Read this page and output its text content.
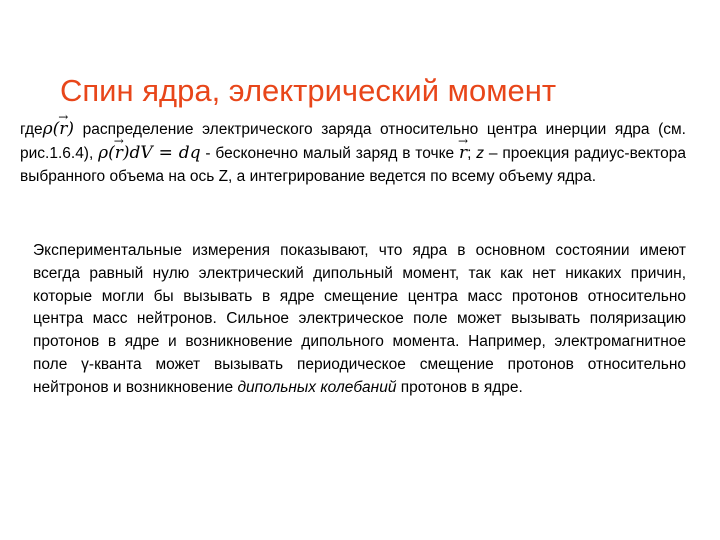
Спин ядра, электрический момент

гдеρ(→ r) распределение электрического заряда относительно центра инерции ядра (см. рис.1.6.4), ρ(→ r)dV = dq - бесконечно малый заряд в точке → r; z – проекция радиус-вектора выбранного объема на ось Z, а интегрирование ведется по всему объему ядра.

Экспериментальные измерения показывают, что ядра в основном состоянии имеют всегда равный нулю электрический дипольный момент, так как нет никаких причин, которые могли бы вызывать в ядре смещение центра масс протонов относительно центра масс нейтронов. Сильное электрическое поле может вызывать поляризацию протонов в ядре и возникновение дипольного момента. Например, электромагнитное поле γ-кванта может вызывать периодическое смещение протонов относительно нейтронов и возникновение дипольных колебаний протонов в ядре.
